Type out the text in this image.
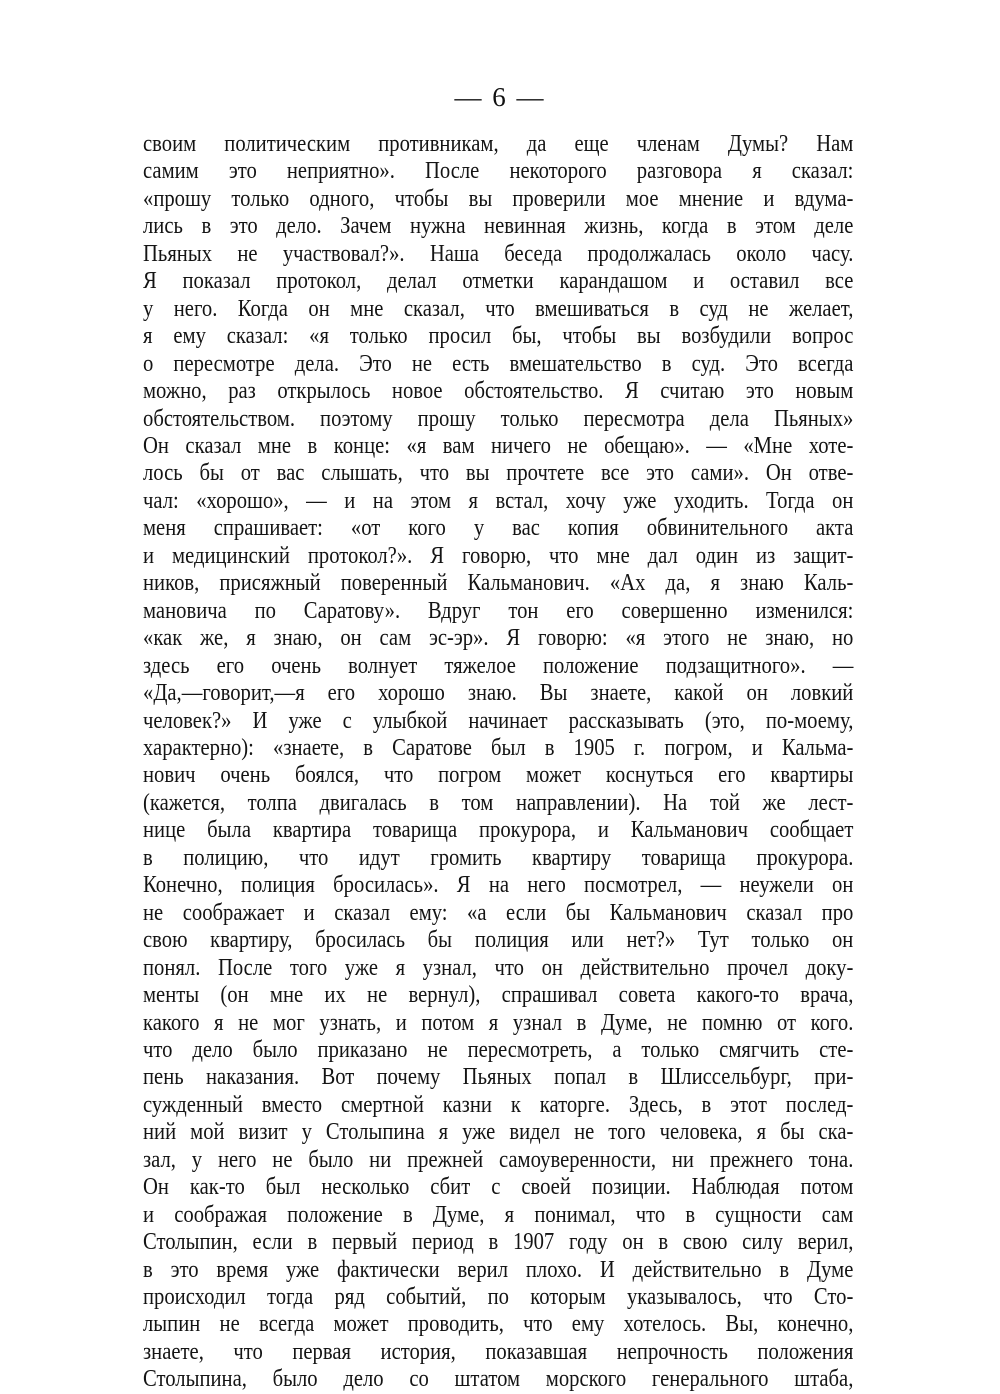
— 6 —
своим политическим противникам, да еще членам Думы? Нам
самим это неприятно». После некоторого разговора я сказал:
«прошу только одного, чтобы вы проверили мое мнение и вдума-
лись в это дело. Зачем нужна невинная жизнь, когда в этом деле
Пьяных не участвовал?». Наша беседа продолжалась около часу.
Я показал протокол, делал отметки карандашом и оставил все
у него. Когда он мне сказал, что вмешиваться в суд не желает,
я ему сказал: «я только просил бы, чтобы вы возбудили вопрос
о пересмотре дела. Это не есть вмешательство в суд. Это всегда
можно, раз открылось новое обстоятельство. Я считаю это новым
обстоятельством. поэтому прошу только пересмотра дела Пьяных»
Он сказал мне в конце: «я вам ничего не обещаю». — «Мне хоте-
лось бы от вас слышать, что вы прочтете все это сами». Он отве-
чал: «хорошо», — и на этом я встал, хочу уже уходить. Тогда он
меня спрашивает: «от кого у вас копия обвинительного акта
и медицинский протокол?». Я говорю, что мне дал один из защит-
ников, присяжный поверенный Кальманович. «Ах да, я знаю Каль-
мановича по Саратову». Вдруг тон его совершенно изменился:
«как же, я знаю, он сам эс-эр». Я говорю: «я этого не знаю, но
здесь его очень волнует тяжелое положение подзащитного». —
«Да,—говорит,—я его хорошо знаю. Вы знаете, какой он ловкий
человек?» И уже с улыбкой начинает рассказывать (это, по-моему,
характерно): «знаете, в Саратове был в 1905 г. погром, и Кальма-
нович очень боялся, что погром может коснуться его квартиры
(кажется, толпа двигалась в том направлении). На той же лест-
нице была квартира товарища прокурора, и Кальманович сообщает
в полицию, что идут громить квартиру товарища прокурора.
Конечно, полиция бросилась». Я на него посмотрел, — неужели он
не соображает и сказал ему: «а если бы Кальманович сказал про
свою квартиру, бросилась бы полиция или нет?» Тут только он
понял. После того уже я узнал, что он действительно прочел доку-
менты (он мне их не вернул), спрашивал совета какого-то врача,
какого я не мог узнать, и потом я узнал в Думе, не помню от кого.
что дело было приказано не пересмотреть, а только смягчить сте-
пень наказания. Вот почему Пьяных попал в Шлиссельбург, при-
сужденный вместо смертной казни к каторге. Здесь, в этот послед-
ний мой визит у Столыпина я уже видел не того человека, я бы ска-
зал, у него не было ни прежней самоуверенности, ни прежнего тона.
Он как-то был несколько сбит с своей позиции. Наблюдая потом
и соображая положение в Думе, я понимал, что в сущности сам
Столыпин, если в первый период в 1907 году он в свою силу верил,
в это время уже фактически верил плохо. И действительно в Думе
происходил тогда ряд событий, по которым указывалось, что Сто-
лыпин не всегда может проводить, что ему хотелось. Вы, конечно,
знаете, что первая история, показавшая непрочность положения
Столыпина, было дело со штатом морского генерального штаба,
